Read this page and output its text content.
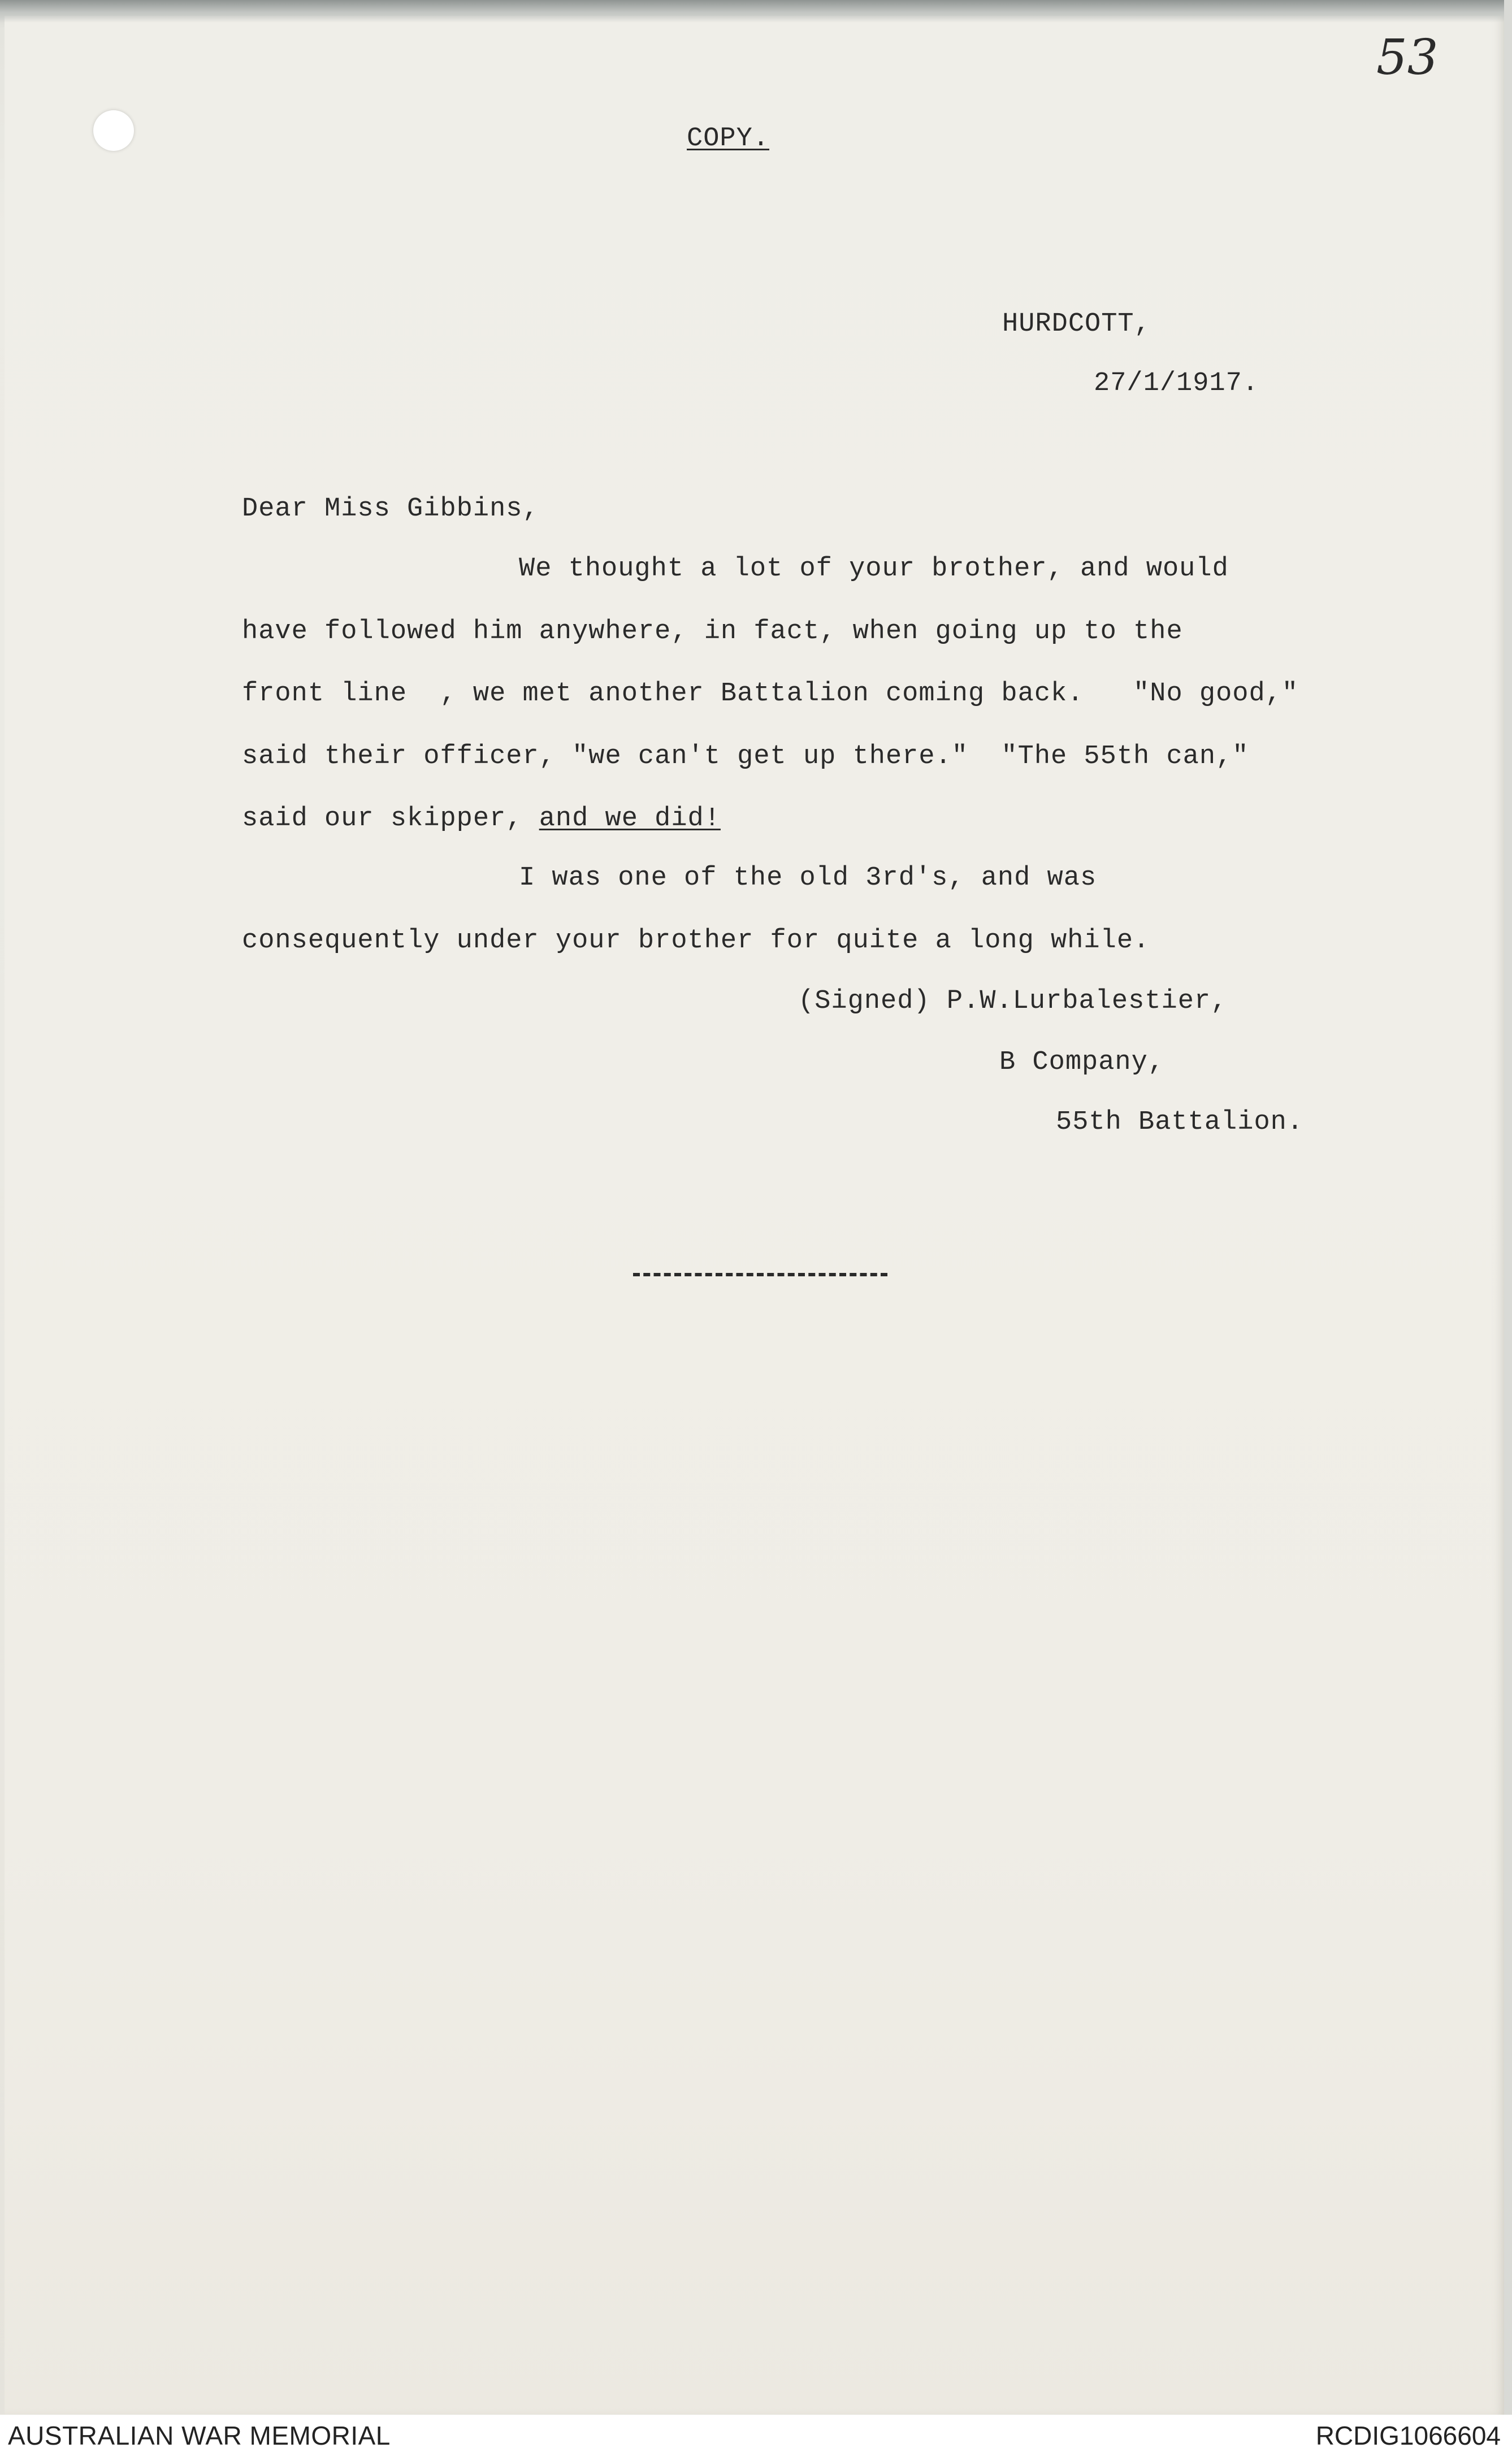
53
COPY.
HURDCOTT,
27/1/1917.
Dear Miss Gibbins,
We thought a lot of your brother, and would
have followed him anywhere, in fact, when going up to the
front line  , we met another Battalion coming back.   "No good,"
said their officer, "we can't get up there."  "The 55th can,"
said our skipper, and we did!
I was one of the old 3rd's, and was
consequently under your brother for quite a long while.
(Signed) P.W.Lurbalestier,
B Company,
55th Battalion.
AUSTRALIAN WAR MEMORIAL	RCDIG1066604
